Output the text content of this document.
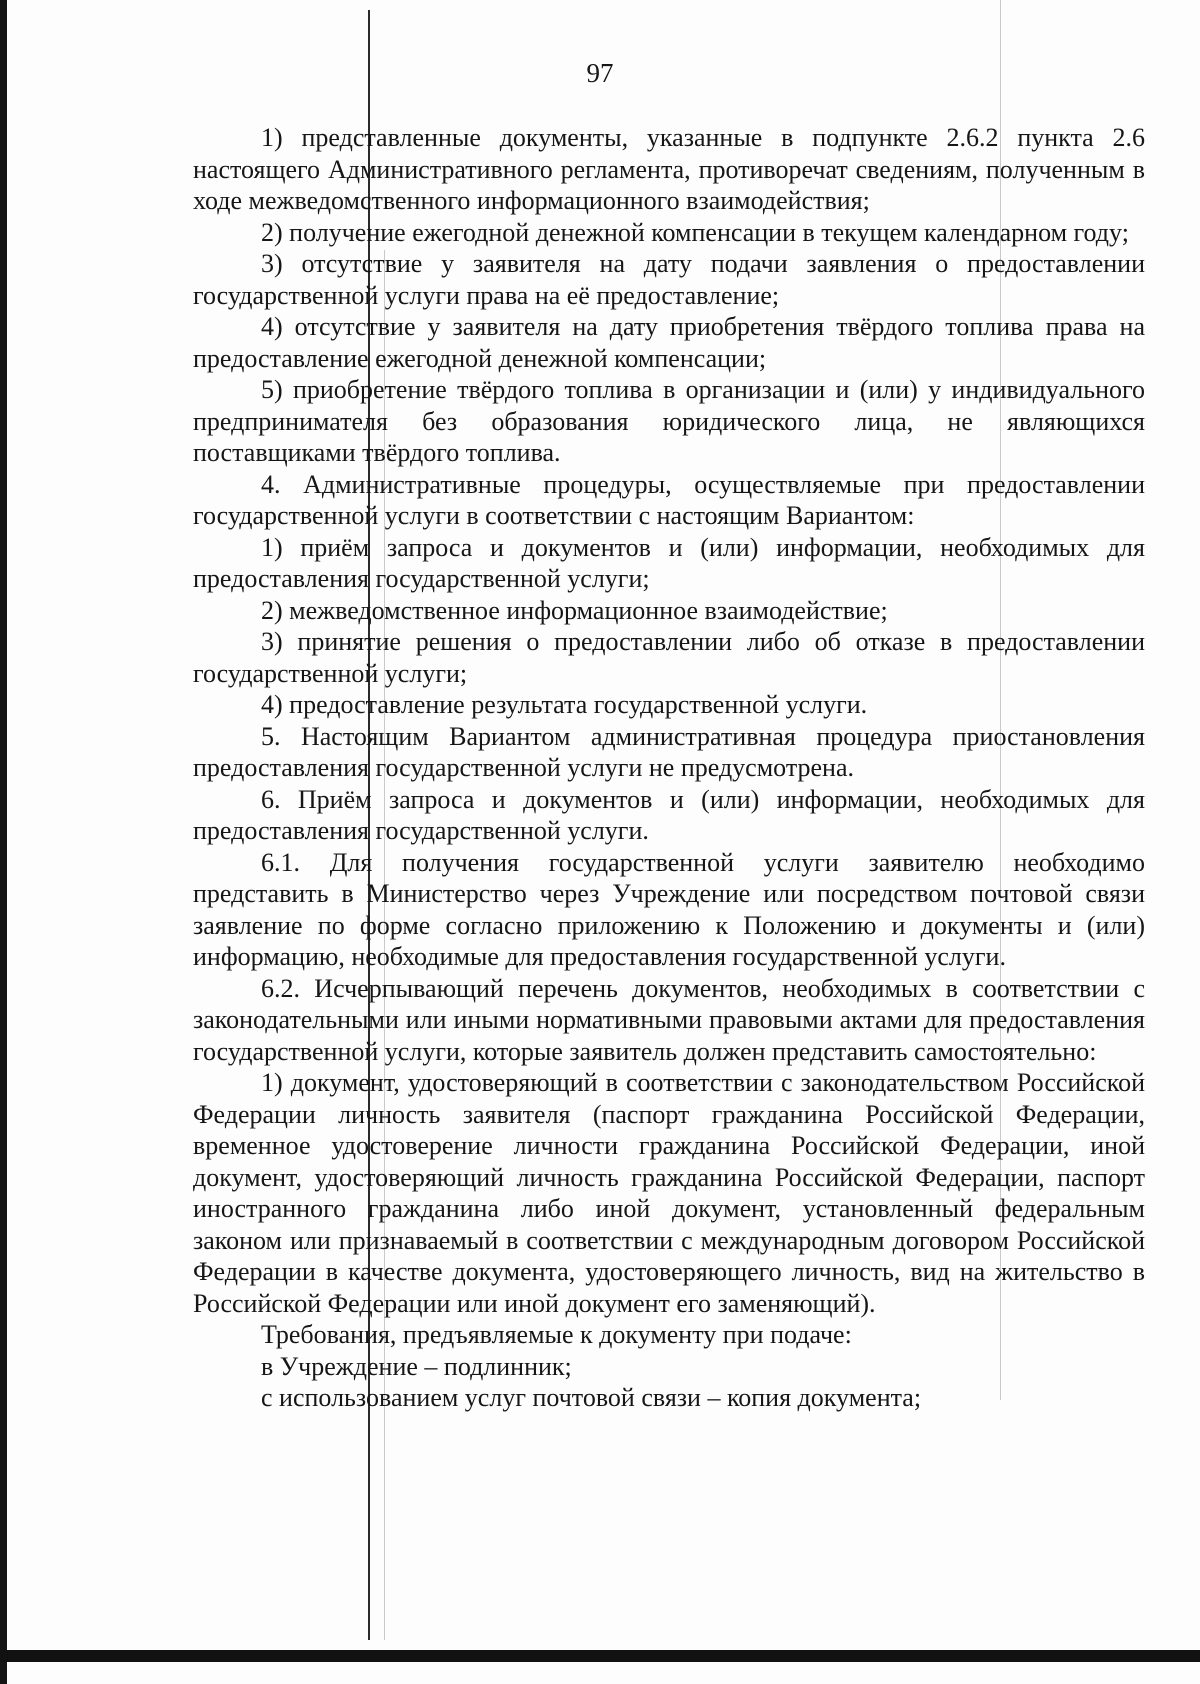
97

1) представленные документы, указанные в подпункте 2.6.2 пункта 2.6 настоящего Административного регламента, противоречат сведениям, полученным в ходе межведомственного информационного взаимодействия;

2) получение ежегодной денежной компенсации в текущем календарном году;

3) отсутствие у заявителя на дату подачи заявления о предоставлении государственной услуги права на её предоставление;

4) отсутствие у заявителя на дату приобретения твёрдого топлива права на предоставление ежегодной денежной компенсации;

5) приобретение твёрдого топлива в организации и (или) у индивидуального предпринимателя без образования юридического лица, не являющихся поставщиками твёрдого топлива.

4. Административные процедуры, осуществляемые при предоставлении государственной услуги в соответствии с настоящим Вариантом:

1) приём запроса и документов и (или) информации, необходимых для предоставления государственной услуги;

2) межведомственное информационное взаимодействие;

3) принятие решения о предоставлении либо об отказе в предоставлении государственной услуги;

4) предоставление результата государственной услуги.

5. Настоящим Вариантом административная процедура приостановления предоставления государственной услуги не предусмотрена.

6. Приём запроса и документов и (или) информации, необходимых для предоставления государственной услуги.

6.1. Для получения государственной услуги заявителю необходимо представить в Министерство через Учреждение или посредством почтовой связи заявление по форме согласно приложению к Положению и документы и (или) информацию, необходимые для предоставления государственной услуги.

6.2. Исчерпывающий перечень документов, необходимых в соответствии с законодательными или иными нормативными правовыми актами для предоставления государственной услуги, которые заявитель должен представить самостоятельно:

1) документ, удостоверяющий в соответствии с законодательством Российской Федерации личность заявителя (паспорт гражданина Российской Федерации, временное удостоверение личности гражданина Российской Федерации, иной документ, удостоверяющий личность гражданина Российской Федерации, паспорт иностранного гражданина либо иной документ, установленный федеральным законом или признаваемый в соответствии с международным договором Российской Федерации в качестве документа, удостоверяющего личность, вид на жительство в Российской Федерации или иной документ его заменяющий).

Требования, предъявляемые к документу при подаче:

в Учреждение – подлинник;

с использованием услуг почтовой связи – копия документа;
